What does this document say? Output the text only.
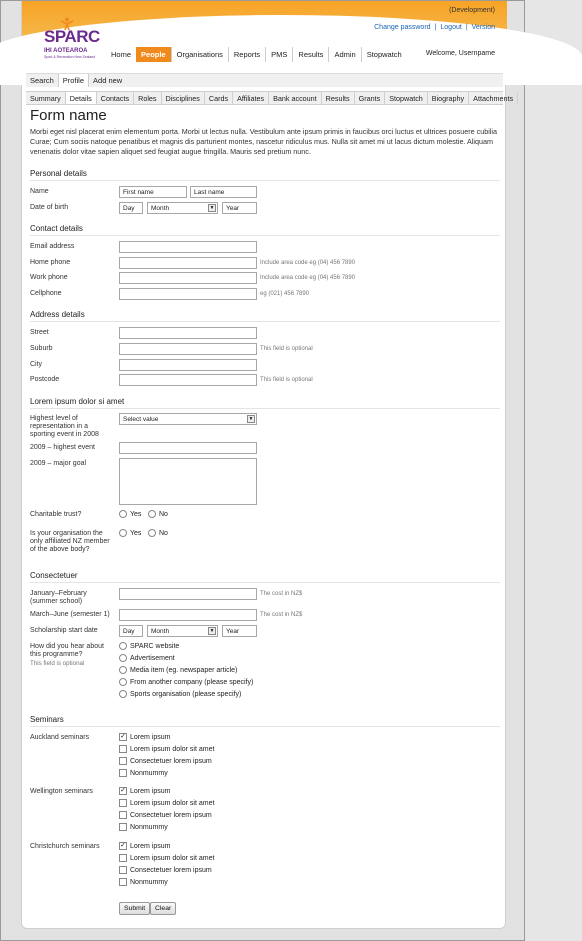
(Development)
Change password | Logout | Version
SPARC
IHI AOTEAROA
Sport & Recreation New Zealand	Home	People	Organisations	Reports	PMS	Results	Admin	Stopwatch	Welcome, Usernpame
Search	Profile	Add new
Summary	Details	Contacts	Roles	Disciplines	Cards	Affiliates	Bank account	Results	Grants	Stopwatch	Biography	Attachments
Form name
Morbi eget nisl placerat enim elementum porta. Morbi ut lectus nulla. Vestibulum ante ipsum primis in faucibus orci luctus et ultrices posuere cubilia Curae; Cum sociis natoque penatibus et magnis dis parturient montes, nascetur ridiculus mus. Nulla sit amet mi ut lacus dictum molestie. Aliquam venenatis dolor vitae sapien aliquet sed feugiat augue fringilla. Mauris sed pretium nunc.
Personal details
Name	First name	Last name
Date of birth	Day	Month	▼	Year
Contact details
Email address
Home phone	Include area code eg (04) 456 7890
Work phone	Include area code eg (04) 456 7890
Cellphone	eg (021) 456 7890
Address details
Street
Suburb	This field is optional
City
Postcode	This field is optional
Lorem ipsum dolor si amet
Highest level of representation in a sporting event in 2008
Select value	▼
2009 – highest event
2009 – major goal
Charitable trust?	Yes	No
Is your organisation the only affiliated NZ member of the above body?
Yes	No
Consectetuer
January–February (summer school)
The cost in NZ$
March–June (semester 1)	The cost in NZ$
Scholarship start date	Day	Month	▼	Year
How did you hear about this programme?
This field is optional
SPARC website
Advertisement
Media item (eg. newspaper article)
From another company (please specify)
Sports organisation (please specify)
Seminars
Auckland seminars	✓ Lorem ipsum
Lorem ipsum dolor sit amet
Consectetuer lorem ipsum
Nonmummy
Wellington seminars	✓ Lorem ipsum
Lorem ipsum dolor sit amet
Consectetuer lorem ipsum
Nonmummy
Christchurch seminars	✓ Lorem ipsum
Lorem ipsum dolor sit amet
Consectetuer lorem ipsum
Nonmummy
Submit	Clear
